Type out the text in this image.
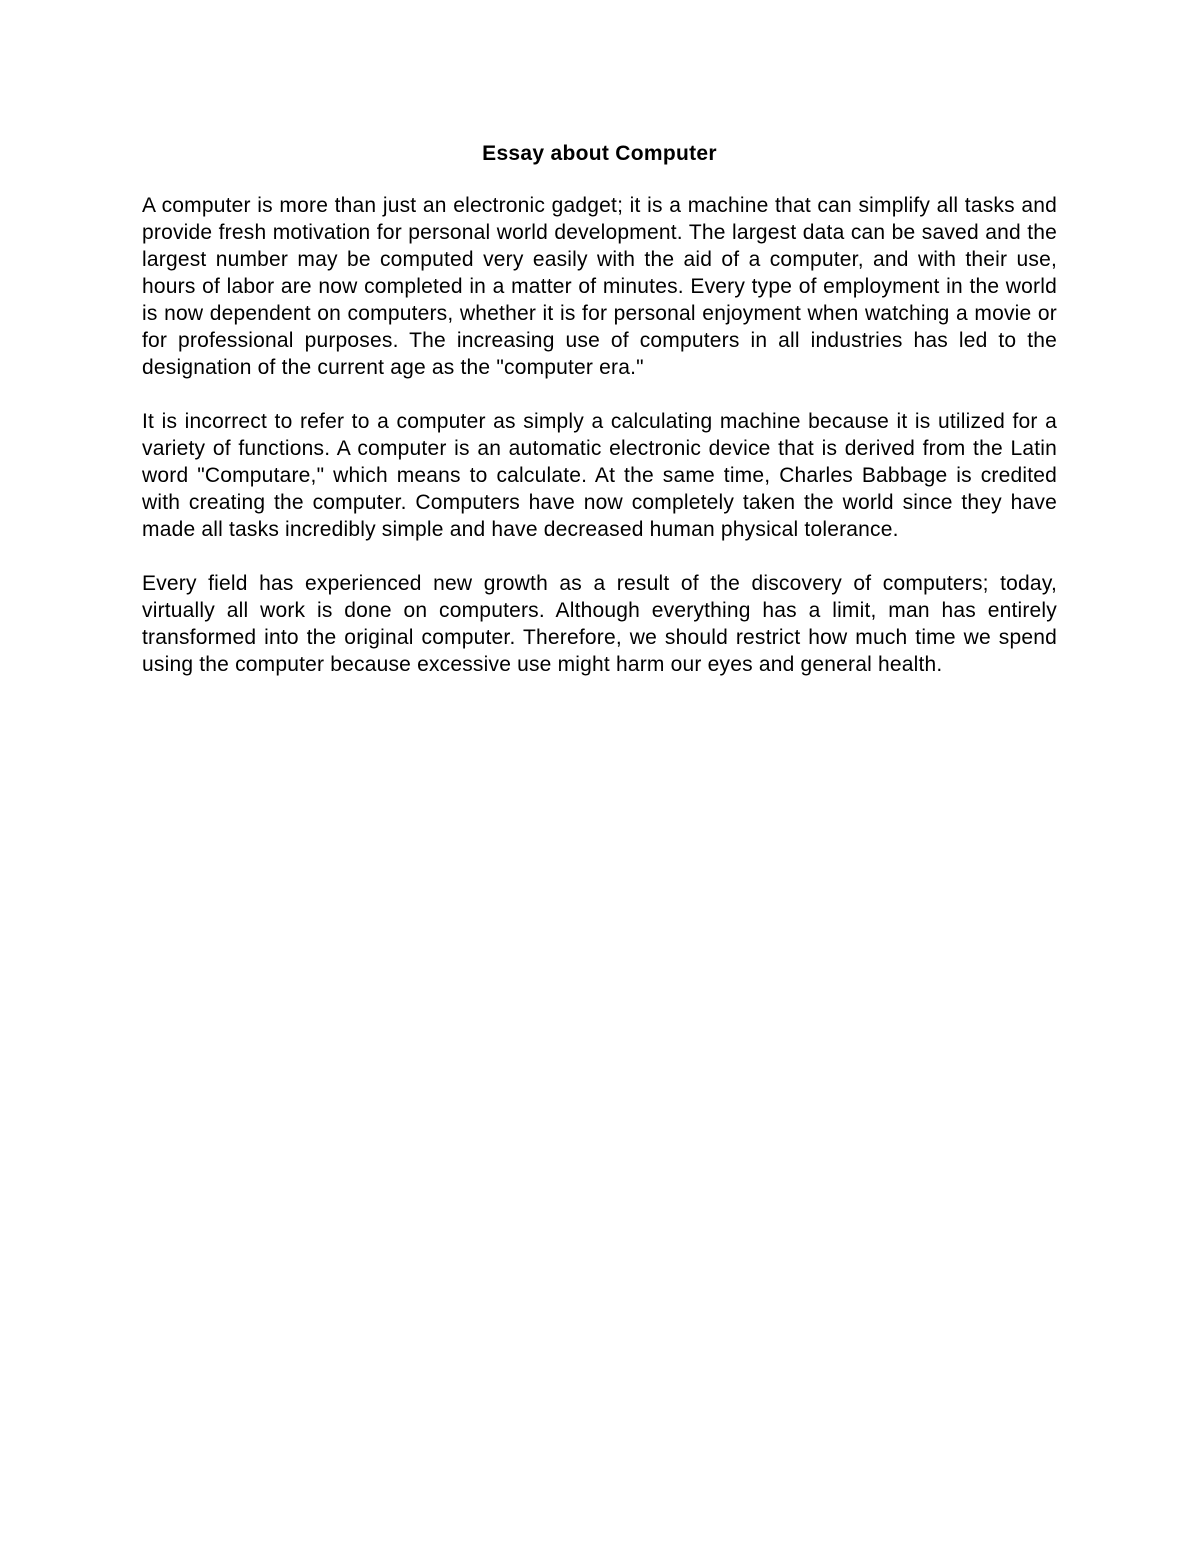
Essay about Computer

A computer is more than just an electronic gadget; it is a machine that can simplify all tasks and provide fresh motivation for personal world development. The largest data can be saved and the largest number may be computed very easily with the aid of a computer, and with their use, hours of labor are now completed in a matter of minutes. Every type of employment in the world is now dependent on computers, whether it is for personal enjoyment when watching a movie or for professional purposes. The increasing use of computers in all industries has led to the designation of the current age as the "computer era."

It is incorrect to refer to a computer as simply a calculating machine because it is utilized for a variety of functions. A computer is an automatic electronic device that is derived from the Latin word "Computare," which means to calculate. At the same time, Charles Babbage is credited with creating the computer. Computers have now completely taken the world since they have made all tasks incredibly simple and have decreased human physical tolerance.

Every field has experienced new growth as a result of the discovery of computers; today, virtually all work is done on computers. Although everything has a limit, man has entirely transformed into the original computer. Therefore, we should restrict how much time we spend using the computer because excessive use might harm our eyes and general health.
